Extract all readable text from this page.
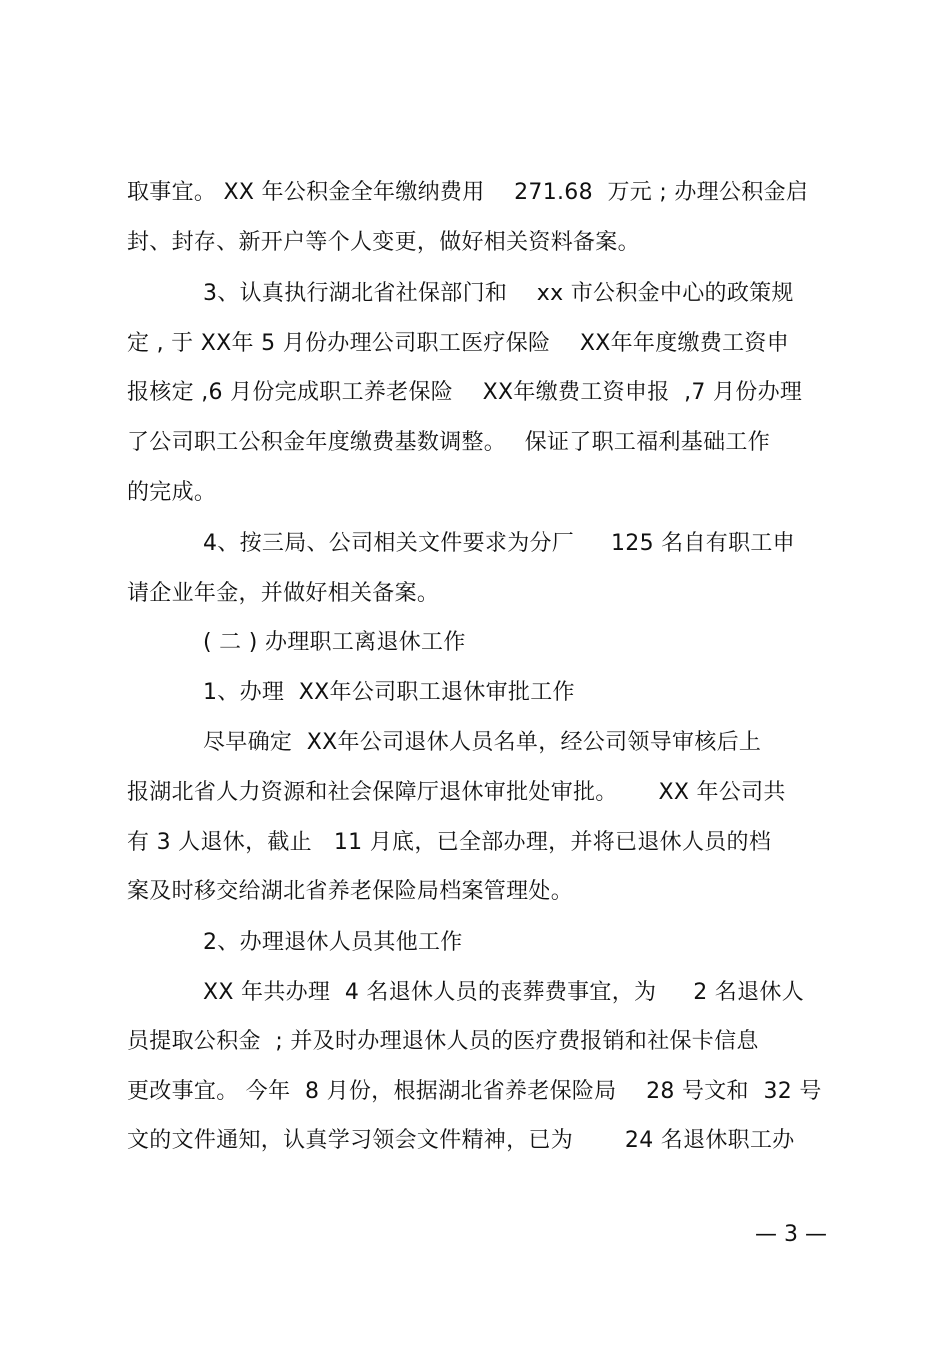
取事宜。 XX 年公积金全年缴纳费用　 271.68  万元 ; 办理公积金启
封、封存、新开户等个人变更，做好相关资料备案。
3、认真执行湖北省社保部门和　 xx 市公积金中心的政策规
定 , 于 XX年 5 月份办理公司职工医疗保险　 XX年年度缴费工资申
报核定 ,6 月份完成职工养老保险　 XX年缴费工资申报  ,7 月份办理
了公司职工公积金年度缴费基数调整。　 保证了职工福利基础工作
的完成。
4、按三局、公司相关文件要求为分厂　  125 名自有职工申
请企业年金，并做好相关备案。
( 二 ) 办理职工离退休工作
1、办理  XX年公司职工退休审批工作
尽早确定  XX年公司退休人员名单，经公司领导审核后上
报湖北省人力资源和社会保障厅退休审批处审批。　　 XX 年公司共
有 3 人退休，截止   11 月底，已全部办理，并将已退休人员的档
案及时移交给湖北省养老保险局档案管理处。
2、办理退休人员其他工作
XX 年共办理  4 名退休人员的丧葬费事宜，为　  2 名退休人
员提取公积金  ; 并及时办理退休人员的医疗费报销和社保卡信息
更改事宜。 今年  8 月份，根据湖北省养老保险局　 28 号文和  32 号
文的文件通知，认真学习领会文件精神，已为　　 24 名退休职工办
— 3 —
